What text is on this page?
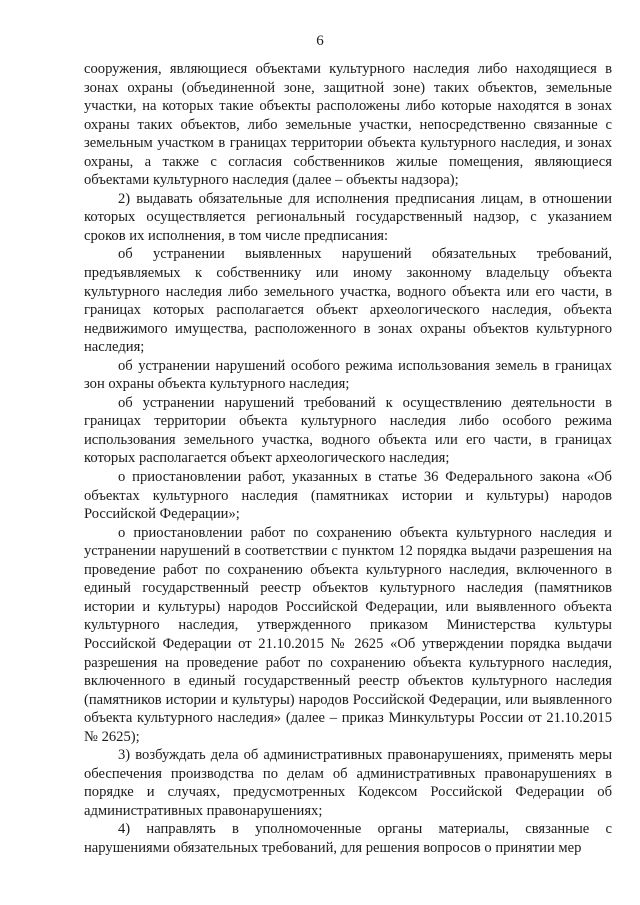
6

сооружения, являющиеся объектами культурного наследия либо находящиеся в зонах охраны (объединенной зоне, защитной зоне) таких объектов, земельные участки, на которых такие объекты расположены либо которые находятся в зонах охраны таких объектов, либо земельные участки, непосредственно связанные с земельным участком в границах территории объекта культурного наследия, и зонах охраны, а также с согласия собственников жилые помещения, являющиеся объектами культурного наследия (далее – объекты надзора);

2) выдавать обязательные для исполнения предписания лицам, в отношении которых осуществляется региональный государственный надзор, с указанием сроков их исполнения, в том числе предписания:

об устранении выявленных нарушений обязательных требований, предъявляемых к собственнику или иному законному владельцу объекта культурного наследия либо земельного участка, водного объекта или его части, в границах которых располагается объект археологического наследия, объекта недвижимого имущества, расположенного в зонах охраны объектов культурного наследия;

об устранении нарушений особого режима использования земель в границах зон охраны объекта культурного наследия;

об устранении нарушений требований к осуществлению деятельности в границах территории объекта культурного наследия либо особого режима использования земельного участка, водного объекта или его части, в границах которых располагается объект археологического наследия;

о приостановлении работ, указанных в статье 36 Федерального закона «Об объектах культурного наследия (памятниках истории и культуры) народов Российской Федерации»;

о приостановлении работ по сохранению объекта культурного наследия и устранении нарушений в соответствии с пунктом 12 порядка выдачи разрешения на проведение работ по сохранению объекта культурного наследия, включенного в единый государственный реестр объектов культурного наследия (памятников истории и культуры) народов Российской Федерации, или выявленного объекта культурного наследия, утвержденного приказом Министерства культуры Российской Федерации от 21.10.2015 № 2625 «Об утверждении порядка выдачи разрешения на проведение работ по сохранению объекта культурного наследия, включенного в единый государственный реестр объектов культурного наследия (памятников истории и культуры) народов Российской Федерации, или выявленного объекта культурного наследия» (далее – приказ Минкультуры России от 21.10.2015 № 2625);

3) возбуждать дела об административных правонарушениях, применять меры обеспечения производства по делам об административных правонарушениях в порядке и случаях, предусмотренных Кодексом Российской Федерации об административных правонарушениях;

4) направлять в уполномоченные органы материалы, связанные с нарушениями обязательных требований, для решения вопросов о принятии мер
